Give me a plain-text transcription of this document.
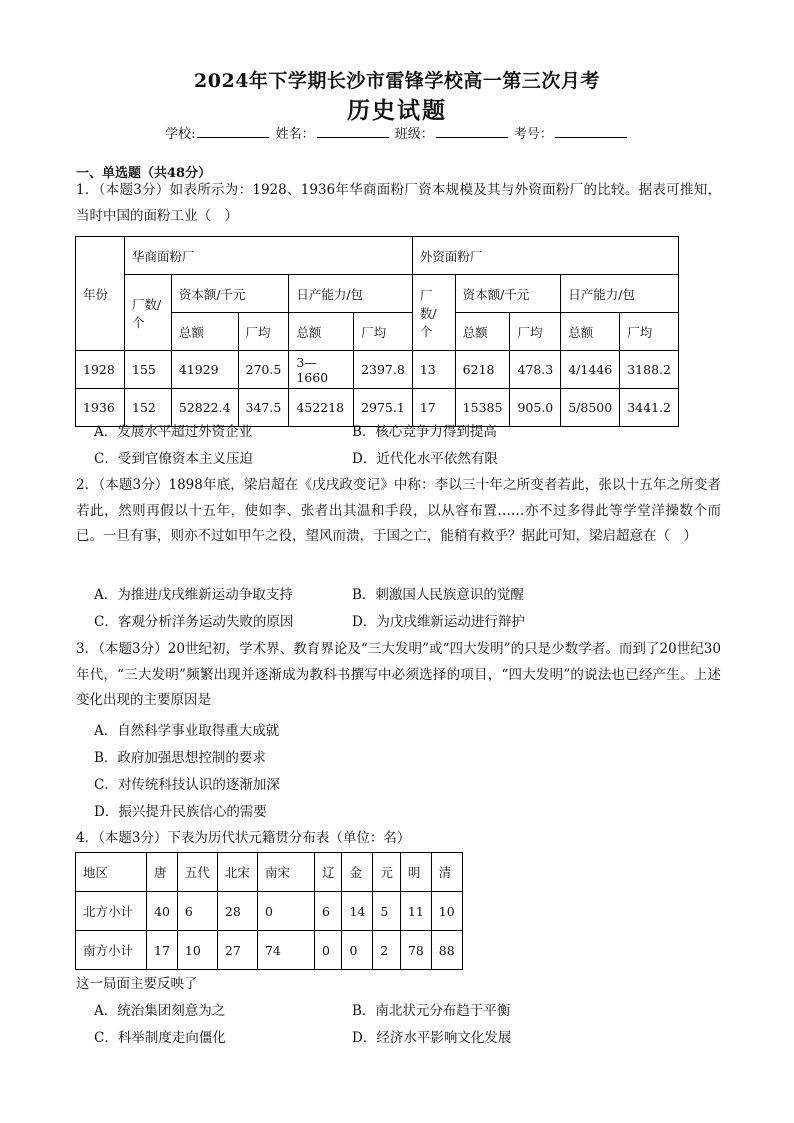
2024年下学期长沙市雷锋学校高一第三次月考
历史试题
学校:	姓名：	班级：	考号：
一、单选题（共48分）
1．（本题3分）如表所示为：1928、1936年华商面粉厂资本规模及其与外资面粉厂的比较。据表可推知，当时中国的面粉工业（　）
年份	华商面粉厂					外资面粉厂				
	厂数/个	资本额/千元		日产能力/包		厂数/个	资本额/千元		日产能力/包	
		总额	厂均	总额	厂均		总额	厂均	总额	厂均
1928	155	41929	270.5	3—1660	2397.8	13	6218	478.3	4/1446	3188.2
1936	152	52822.4	347.5	452218	2975.1	17	15385	905.0	5/8500	3441.2
A．发展水平超过外资企业	B．核心竞争力得到提高
C．受到官僚资本主义压迫	D．近代化水平依然有限
2．（本题3分）1898年底，梁启超在《戊戌政变记》中称：李以三十年之所变者若此，张以十五年之所变者若此，然则再假以十五年，使如李、张者出其温和手段，以从容布置……亦不过多得此等学堂洋操数个而已。一旦有事，则亦不过如甲午之役，望风而溃，于国之亡，能稍有救乎？据此可知，梁启超意在（　）
A．为推进戊戌维新运动争取支持	B．刺激国人民族意识的觉醒
C．客观分析洋务运动失败的原因	D．为戊戌维新运动进行辩护
3．（本题3分）20世纪初，学术界、教育界论及“三大发明”或“四大发明”的只是少数学者。而到了20世纪30年代，“三大发明”频繁出现并逐渐成为教科书撰写中必须选择的项目，“四大发明”的说法也已经产生。上述变化出现的主要原因是
A．自然科学事业取得重大成就
B．政府加强思想控制的要求
C．对传统科技认识的逐渐加深
D．振兴提升民族信心的需要
4．（本题3分）下表为历代状元籍贯分布表（单位：名）
地区	唐	五代	北宋	南宋	辽	金	元	明	清
北方小计	40	6	28	0	6	14	5	11	10
南方小计	17	10	27	74	0	0	2	78	88
这一局面主要反映了
A．统治集团刻意为之	B．南北状元分布趋于平衡
C．科举制度走向僵化	D．经济水平影响文化发展
